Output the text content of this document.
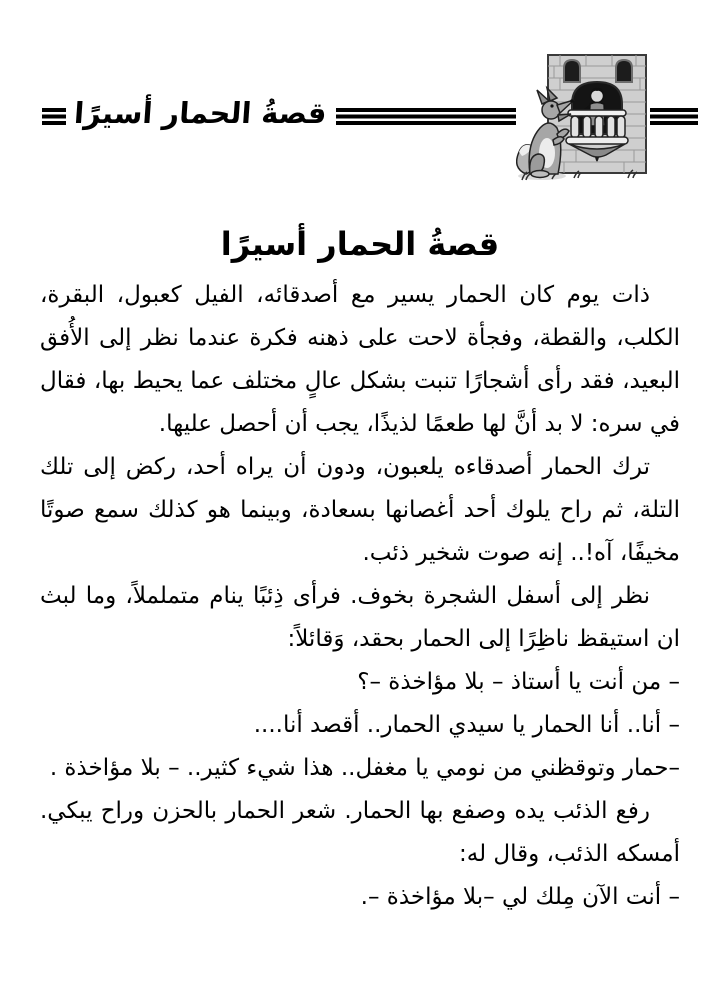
قصةُ الحمار أسيرًا
قصةُ الحمار أسيرًا

ذات يوم كان الحمار يسير مع أصدقائه، الفيل كعبول، البقرة، الكلب، والقطة، وفجأة لاحت على ذهنه فكرة عندما نظر إلى الأُفق البعيد، فقد رأى أشجارًا تنبت بشكل عالٍ مختلف عما يحيط بها، فقال في سره: لا بد أنَّ لها طعمًا لذيذًا، يجب أن أحصل عليها.

ترك الحمار أصدقاءه يلعبون، ودون أن يراه أحد، ركض إلى تلك التلة، ثم راح يلوك أحد أغصانها بسعادة، وبينما هو كذلك سمع صوتًا مخيفًا، آه!.. إنه صوت شخير ذئب.

نظر إلى أسفل الشجرة بخوف. فرأى ذِئبًا ينام متململاً، وما لبث ان استيقظ ناظِرًا إلى الحمار بحقد، وَقائلاً:

– من أنت يا أستاذ – بلا مؤاخذة –؟

– أنا.. أنا الحمار يا سيدي الحمار.. أقصد أنا....

–حمار وتوقظني من نومي يا مغفل.. هذا شيء كثير.. – بلا مؤاخذة .

رفع الذئب يده وصفع بها الحمار. شعر الحمار بالحزن وراح يبكي. أمسكه الذئب، وقال له:

– أنت الآن مِلك لي –بلا مؤاخذة –.
